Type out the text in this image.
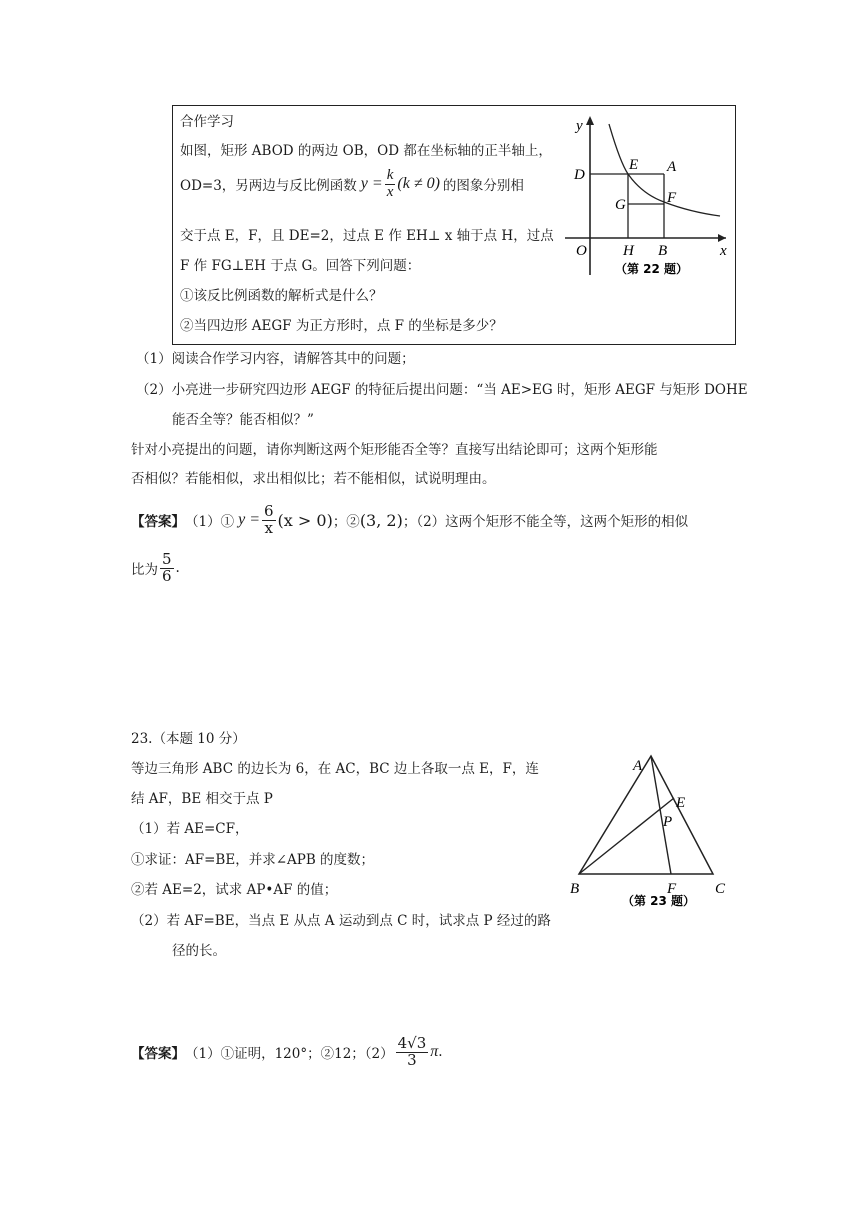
合作学习
如图，矩形 ABOD 的两边 OB，OD 都在坐标轴的正半轴上，
OD=3，另两边与反比例函数 $y = \frac{k}{x} (k \ne 0)$ 的图象分别相
交于点 E，F，且 DE=2，过点 E 作 EH⊥ x 轴于点 H，过点
F 作 FG⊥EH 于点 G。回答下列问题：
①该反比例函数的解析式是什么？
②当四边形 AEGF 为正方形时，点 F 的坐标是多少？
y
x
O
D
E A
F
G
H B
（第 22 题）
（1）阅读合作学习内容，请解答其中的问题；
（2）小亮进一步研究四边形 AEGF 的特征后提出问题：“当 AE>EG 时，矩形 AEGF 与矩形 DOHE
能否全等？能否相似？”
针对小亮提出的问题，请你判断这两个矩形能否全等？直接写出结论即可；这两个矩形能
否相似？若能相似，求出相似比；若不能相似，试说明理由。
【答案】 （1）① $y = \frac{6}{x} (x > 0)$ ；② (3, 2) ；（2）这两个矩形不能全等，这两个矩形的相似
比为 $\frac{5}{6}$ .
23.（本题 10 分）
等边三角形 ABC 的边长为 6，在 AC，BC 边上各取一点 E，F，连
结 AF，BE 相交于点 P
（1）若 AE=CF，
①求证：AF=BE，并求∠APB 的度数；
②若 AE=2，试求 AP•AF 的值；
（2）若 AF=BE，当点 E 从点 A 运动到点 C 时，试求点 P 经过的路
径的长。
A
B	C
E
F
P
（第 23 题）
【答案】 （1）①证明，120°；②12；$(2) \frac{4√3}{3}$ π .
